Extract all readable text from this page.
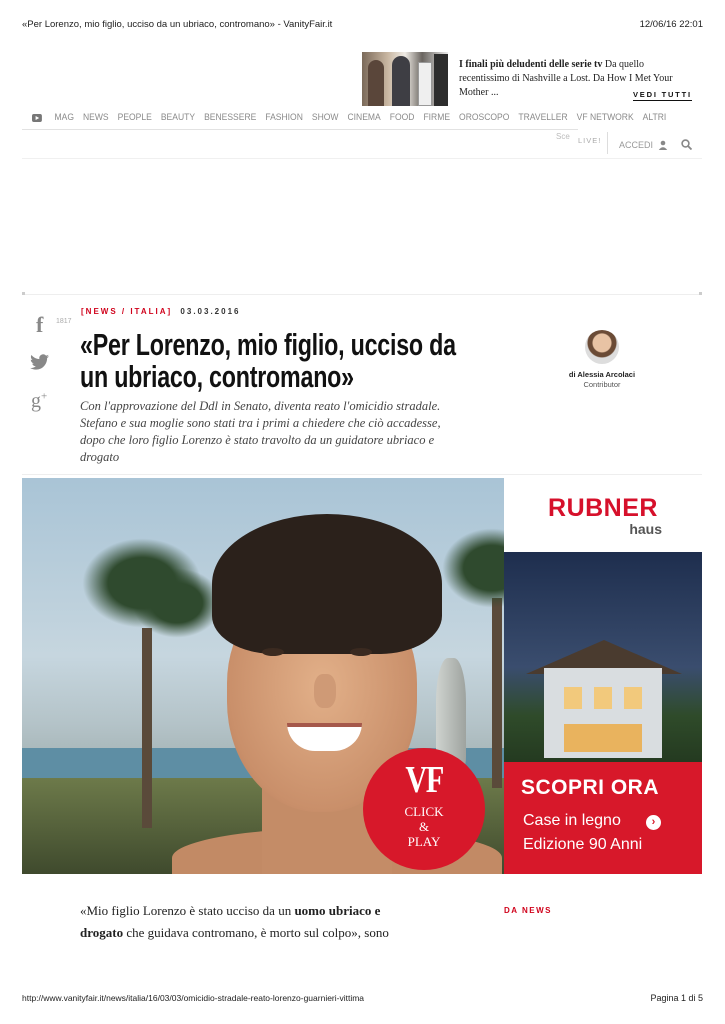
«Per Lorenzo, mio figlio, ucciso da un ubriaco, contromano» - VanityFair.it	12/06/16 22:01
I finali più deludenti delle serie tv Da quello recentissimo di Nashville a Lost. Da How I Met Your Mother ...	VEDI TUTTI
MAG NEWS PEOPLE BEAUTY BENESSERE FASHION SHOW CINEMA FOOD FIRME OROSCOPO TRAVELLER VF NETWORK ALTRI
Sce LIVE! ACCEDI
f 1817
g+
[NEWS / ITALIA] 03.03.2016
«Per Lorenzo, mio figlio, ucciso da un ubriaco, contromano»

Con l'approvazione del Ddl in Senato, diventa reato l'omicidio stradale. Stefano e sua moglie sono stati tra i primi a chiedere che ciò accadesse, dopo che loro figlio Lorenzo è stato travolto da un guidatore ubriaco e drogato

di Alessia Arcolaci
Contributor
VF
CLICK
&
PLAY
RUBNER
haus
SCOPRI ORA
Case in legno	›
Edizione 90 Anni

«Mio figlio Lorenzo è stato ucciso da un uomo ubriaco e
drogato che guidava contromano, è morto sul colpo», sono

DA NEWS
http://www.vanityfair.it/news/italia/16/03/03/omicidio-stradale-reato-lorenzo-guarnieri-vittima	Pagina 1 di 5
